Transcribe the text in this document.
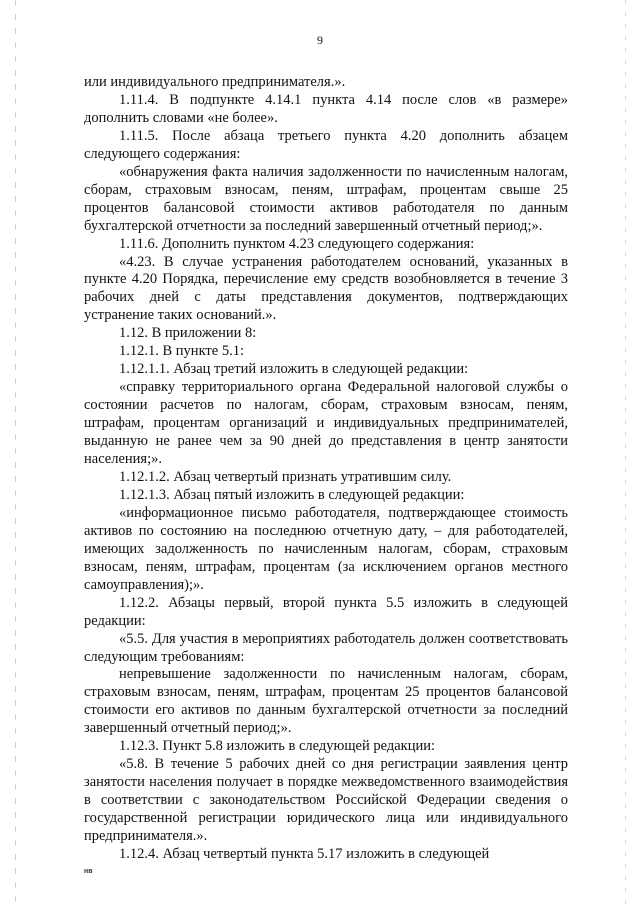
9

или индивидуального предпринимателя.».

1.11.4. В подпункте 4.14.1 пункта 4.14 после слов «в размере» дополнить словами «не более».

1.11.5. После абзаца третьего пункта 4.20 дополнить абзацем следующего содержания:

«обнаружения факта наличия задолженности по начисленным налогам, сборам, страховым взносам, пеням, штрафам, процентам свыше 25 процентов балансовой стоимости активов работодателя по данным бухгалтерской отчетности за последний завершенный отчетный период;».

1.11.6. Дополнить пунктом 4.23 следующего содержания:

«4.23. В случае устранения работодателем оснований, указанных в пункте 4.20 Порядка, перечисление ему средств возобновляется в течение 3 рабочих дней с даты представления документов, подтверждающих устранение таких оснований.».

1.12. В приложении 8:

1.12.1. В пункте 5.1:

1.12.1.1. Абзац третий изложить в следующей редакции:

«справку территориального органа Федеральной налоговой службы о состоянии расчетов по налогам, сборам, страховым взносам, пеням, штрафам, процентам организаций и индивидуальных предпринимателей, выданную не ранее чем за 90 дней до представления в центр занятости населения;».

1.12.1.2. Абзац четвертый признать утратившим силу.

1.12.1.3. Абзац пятый изложить в следующей редакции:

«информационное письмо работодателя, подтверждающее стоимость активов по состоянию на последнюю отчетную дату, – для работодателей, имеющих задолженность по начисленным налогам, сборам, страховым взносам, пеням, штрафам, процентам (за исключением органов местного самоуправления);».

1.12.2. Абзацы первый, второй пункта 5.5 изложить в следующей редакции:

«5.5. Для участия в мероприятиях работодатель должен соответствовать следующим требованиям:

непревышение задолженности по начисленным налогам, сборам, страховым взносам, пеням, штрафам, процентам 25 процентов балансовой стоимости его активов по данным бухгалтерской отчетности за последний завершенный отчетный период;».

1.12.3. Пункт 5.8 изложить в следующей редакции:

«5.8. В течение 5 рабочих дней со дня регистрации заявления центр занятости населения получает в порядке межведомственного взаимодействия в соответствии с законодательством Российской Федерации сведения о государственной регистрации юридического лица или индивидуального предпринимателя.».

1.12.4. Абзац четвертый пункта 5.17 изложить в следующей

нв
